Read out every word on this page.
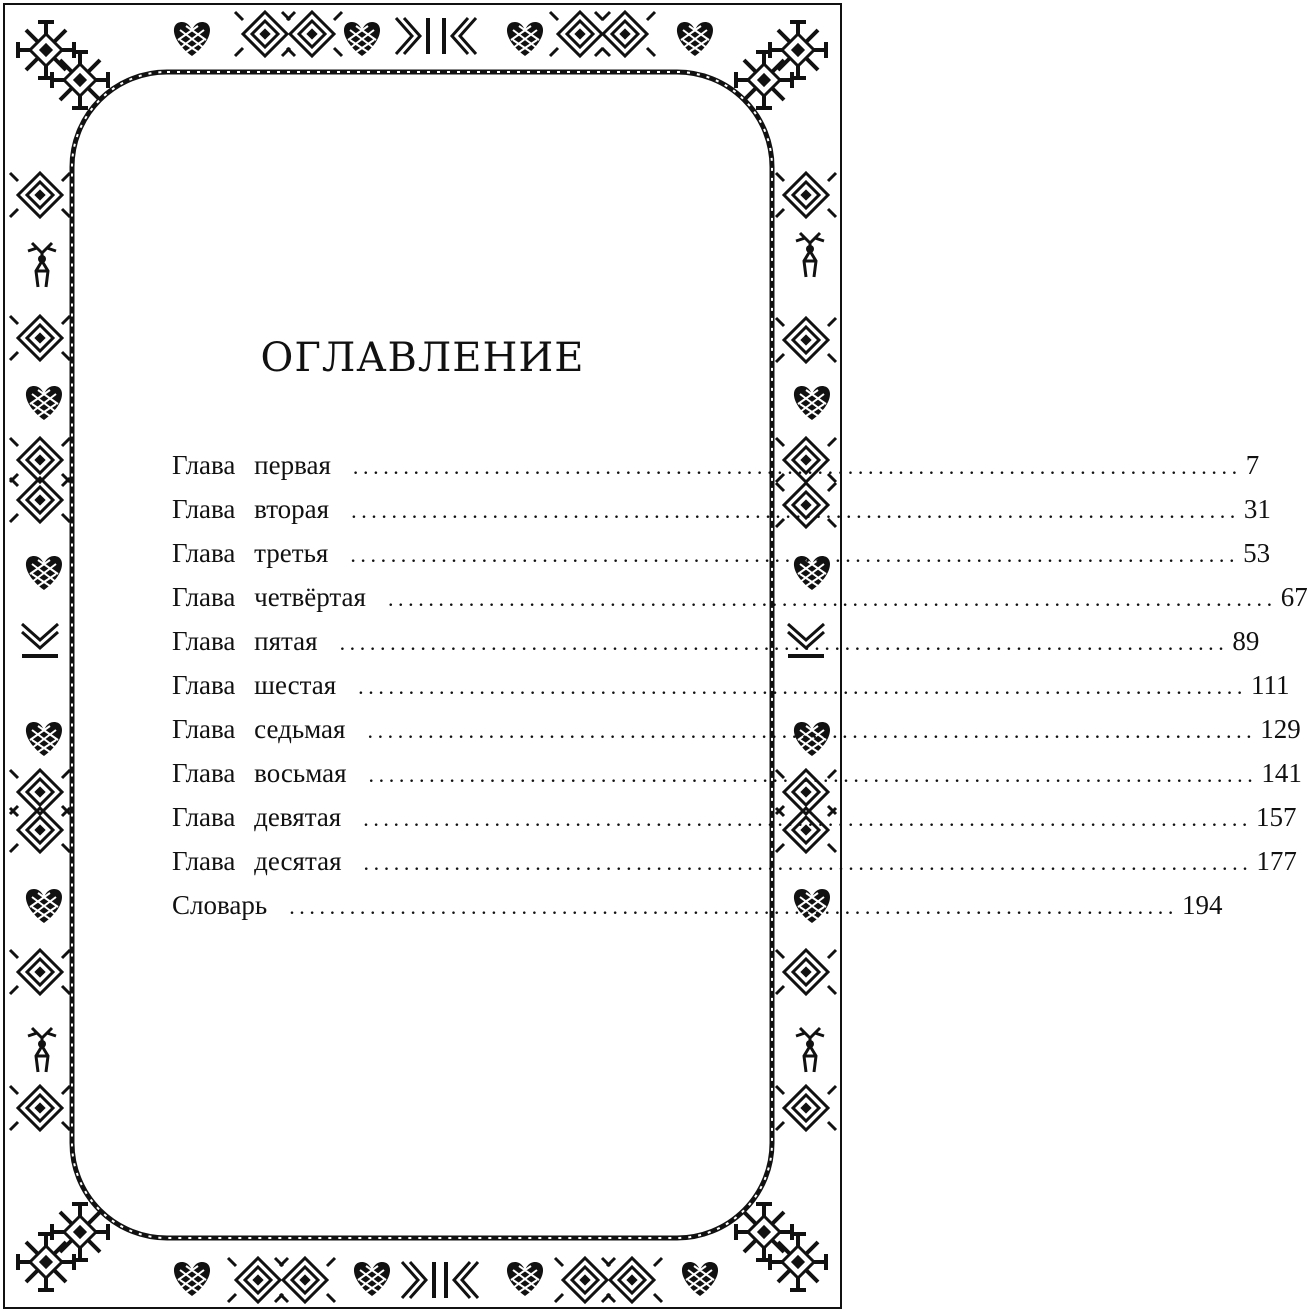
ОГЛАВЛЕНИЕ
Глава первая ........................................................................................ 7
Глава вторая ........................................................................................ 31
Глава третья ........................................................................................ 53
Глава четвёртая ........................................................................................ 67
Глава пятая ........................................................................................ 89
Глава шестая ........................................................................................ 111
Глава седьмая ........................................................................................ 129
Глава восьмая ........................................................................................ 141
Глава девятая ........................................................................................ 157
Глава десятая ........................................................................................ 177
Словарь ........................................................................................ 194
